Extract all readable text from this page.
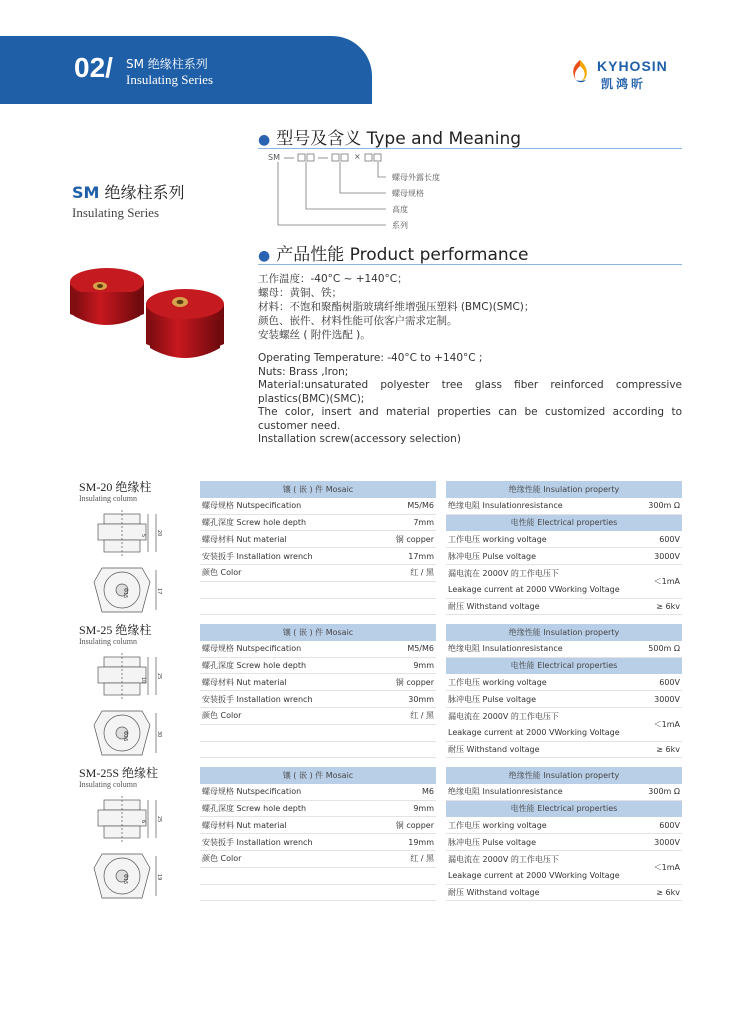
02/ SM 绝缘柱系列
Insulating Series
KYHOSIN
凯鸿昕
● 型号及含义 Type and Meaning
SM	×
螺母外露长度
螺母规格
高度
系列
SM 绝缘柱系列
Insulating Series
● 产品性能 Product performance
工作温度：-40°C ~ +140°C；
螺母：黄铜、铁；
材料：不饱和聚酯树脂玻璃纤维增强压塑料 (BMC)(SMC)；
颜色、嵌件、材料性能可依客户需求定制。
安装螺丝 ( 附件选配 )。
Operating Temperature: -40°C to +140°C ;
Nuts: Brass ,Iron;
Material:unsaturated polyester tree glass fiber reinforced compressive plastics(BMC)(SMC);
The color, insert and material properties can be customized according to customer need.
Installation screw(accessory selection)
SM-20 绝缘柱
Insulating column
5 20
Φ15	17
镶 ( 嵌 ) 件 Mosaic
螺母规格 Nutspecification	M5/M6
螺孔深度 Screw hole depth	7mm
螺母材料 Nut material	铜 copper
安装扳手 Installation wrench	17mm
颜色 Color	红 / 黑
绝缘性能 Insulation property
绝缘电阻 Insulationresistance	300m Ω
电性能 Electrical properties
工作电压 working voltage	600V
脉冲电压 Pulse voltage	3000V
漏电流在 2000V 的工作电压下
Leakage current at 2000 VWorking Voltage
＜1mA
耐压 Withstand voltage	≥ 6kv
SM-25 绝缘柱
Insulating column
10
25
Φ26	30
镶 ( 嵌 ) 件 Mosaic
螺母规格 Nutspecification	M5/M6
螺孔深度 Screw hole depth	9mm
螺母材料 Nut material	铜 copper
安装扳手 Installation wrench	30mm
颜色 Color	红 / 黑
绝缘性能 Insulation property
绝缘电阻 Insulationresistance	500m Ω
电性能 Electrical properties
工作电压 working voltage	600V
脉冲电压 Pulse voltage	3000V
漏电流在 2000V 的工作电压下
Leakage current at 2000 VWorking Voltage
＜1mA
耐压 Withstand voltage	≥ 6kv
SM-25S 绝缘柱
Insulating column
6 25
Φ15	19
镶 ( 嵌 ) 件 Mosaic
螺母规格 Nutspecification	M6
螺孔深度 Screw hole depth	9mm
螺母材料 Nut material	铜 copper
安装扳手 Installation wrench	19mm
颜色 Color	红 / 黑
绝缘性能 Insulation property
绝缘电阻 Insulationresistance	300m Ω
电性能 Electrical properties
工作电压 working voltage	600V
脉冲电压 Pulse voltage	3000V
漏电流在 2000V 的工作电压下
Leakage current at 2000 VWorking Voltage
＜1mA
耐压 Withstand voltage	≥ 6kv
